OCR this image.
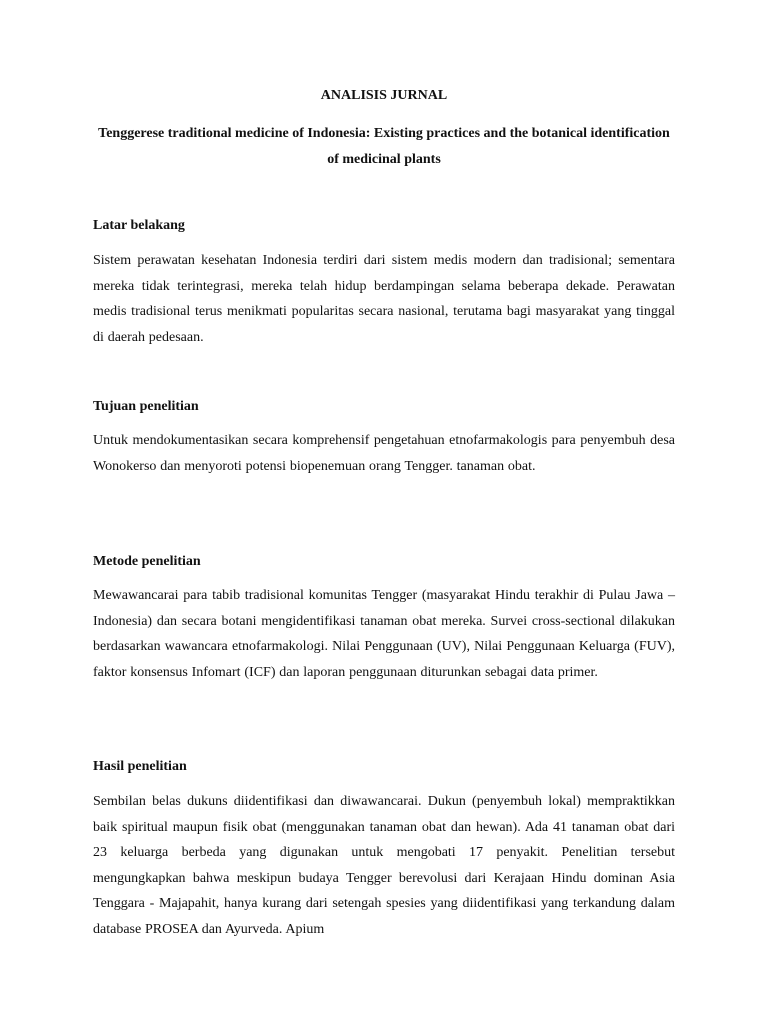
ANALISIS JURNAL
Tenggerese traditional medicine of Indonesia: Existing practices and the botanical identification of medicinal plants
Latar belakang

Sistem perawatan kesehatan Indonesia terdiri dari sistem medis modern dan tradisional; sementara mereka tidak terintegrasi, mereka telah hidup berdampingan selama beberapa dekade. Perawatan medis tradisional terus menikmati popularitas secara nasional, terutama bagi masyarakat yang tinggal di daerah pedesaan.

Tujuan penelitian

Untuk mendokumentasikan secara komprehensif pengetahuan etnofarmakologis para penyembuh desa Wonokerso dan menyoroti potensi biopenemuan orang Tengger. tanaman obat.

Metode penelitian

Mewawancarai para tabib tradisional komunitas Tengger (masyarakat Hindu terakhir di Pulau Jawa – Indonesia) dan secara botani mengidentifikasi tanaman obat mereka. Survei cross-sectional dilakukan berdasarkan wawancara etnofarmakologi. Nilai Penggunaan (UV), Nilai Penggunaan Keluarga (FUV), faktor konsensus Infomart (ICF) dan laporan penggunaan diturunkan sebagai data primer.

Hasil penelitian

Sembilan belas dukuns diidentifikasi dan diwawancarai. Dukun (penyembuh lokal) mempraktikkan baik spiritual maupun fisik obat (menggunakan tanaman obat dan hewan). Ada 41 tanaman obat dari 23 keluarga berbeda yang digunakan untuk mengobati 17 penyakit. Penelitian tersebut mengungkapkan bahwa meskipun budaya Tengger berevolusi dari Kerajaan Hindu dominan Asia Tenggara - Majapahit, hanya kurang dari setengah spesies yang diidentifikasi yang terkandung dalam database PROSEA dan Ayurveda. Apium
